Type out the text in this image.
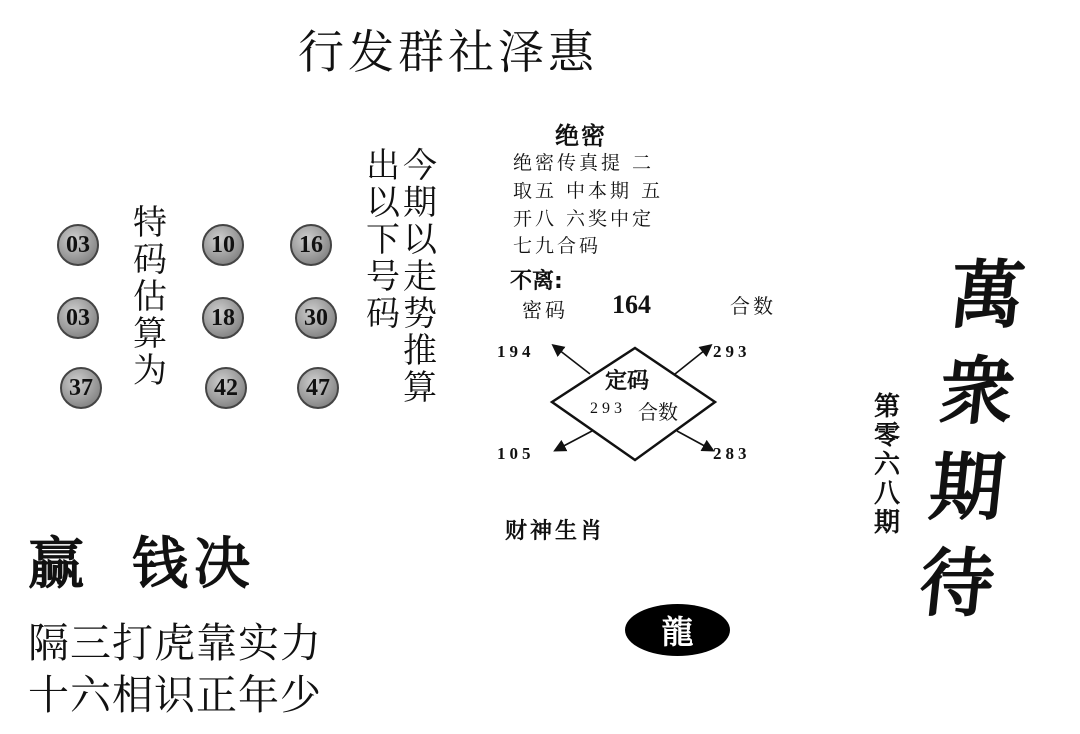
行发群社泽惠
03	10	16
03	18	30
37	42	47
特
码
估
算
为
出
以
下
号
码
今
期
以
走
势
推
算
绝密
绝密传真提 二
取五 中本期 五
开八 六奖中定
七九合码
不离:
密码 164	合数
定码
293 合数
194	293
105	283
财神生肖
赢 钱决
隔三打虎靠实力
十六相识正年少
龍
第
零
六
八
期
萬
衆
期
待
